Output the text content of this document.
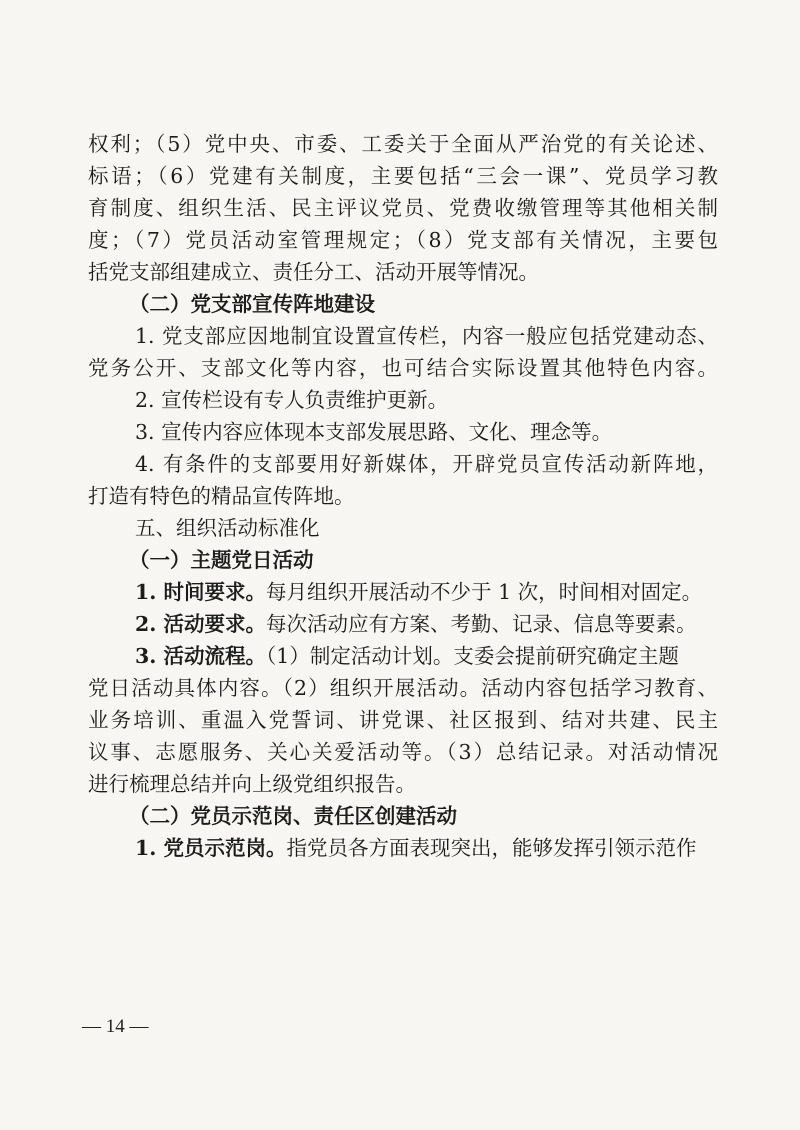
权利；（5）党中央、市委、工委关于全面从严治党的有关论述、
标语；（6）党建有关制度，主要包括“三会一课”、党员学习教
育制度、组织生活、民主评议党员、党费收缴管理等其他相关制
度；（7）党员活动室管理规定；（8）党支部有关情况，主要包
括党支部组建成立、责任分工、活动开展等情况。
（二）党支部宣传阵地建设
1. 党支部应因地制宜设置宣传栏，内容一般应包括党建动态、
党务公开、支部文化等内容，也可结合实际设置其他特色内容。
2. 宣传栏设有专人负责维护更新。
3. 宣传内容应体现本支部发展思路、文化、理念等。
4. 有条件的支部要用好新媒体，开辟党员宣传活动新阵地，
打造有特色的精品宣传阵地。
五、组织活动标准化
（一）主题党日活动
1. 时间要求。每月组织开展活动不少于 1 次，时间相对固定。
2. 活动要求。每次活动应有方案、考勤、记录、信息等要素。
3. 活动流程。（1）制定活动计划。支委会提前研究确定主题
党日活动具体内容。（2）组织开展活动。活动内容包括学习教育、
业务培训、重温入党誓词、讲党课、社区报到、结对共建、民主
议事、志愿服务、关心关爱活动等。（3）总结记录。对活动情况
进行梳理总结并向上级党组织报告。
（二）党员示范岗、责任区创建活动
1. 党员示范岗。指党员各方面表现突出，能够发挥引领示范作
— 14 —
